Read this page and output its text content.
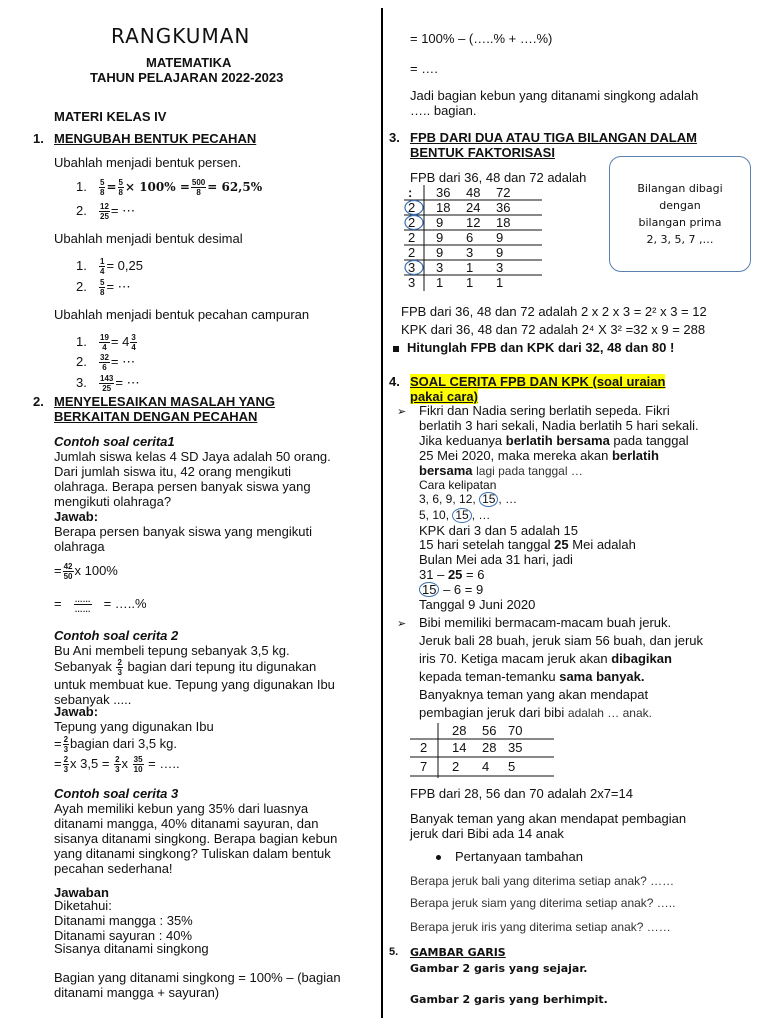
RANGKUMAN
MATEMATIKA
TAHUN PELAJARAN 2022-2023
MATERI KELAS IV
1. MENGUBAH BENTUK PECAHAN
Ubahlah menjadi bentuk persen.
1. $\frac{5}{8} = \frac{5}{8} \times 100\% = \frac{500}{8} = 62,5\%$
2. $\frac{12}{25}$ = ⋯
Ubahlah menjadi bentuk desimal
1. $\frac{1}{4} = 0,25$
2. $\frac{5}{8}$ = ⋯
Ubahlah menjadi bentuk pecahan campuran
1. $\frac{19}{4} = 4 \frac{3}{4}$
2. $\frac{32}{6}$ = ⋯
3. $\frac{143}{25}$ = ⋯
2. MENYELESAIKAN MASALAH YANG
BERKAITAN DENGAN PECAHAN
Contoh soal cerita1
Jumlah siswa kelas 4 SD Jaya adalah 50 orang.
Dari jumlah siswa itu, 42 orang mengikuti
olahraga. Berapa persen banyak siswa yang
mengikuti olahraga?
Jawab:
Berapa persen banyak siswa yang mengikuti
olahraga
= $\frac{42}{50}$ x 100%
= $\frac{\dots\dots}{\dots\dots}$ = …..%
Contoh soal cerita 2
Bu Ani membeli tepung sebanyak 3,5 kg.
Sebanyak $\frac{2}{3}$ bagian dari tepung itu digunakan
untuk membuat kue. Tepung yang digunakan Ibu
sebanyak .....
Jawab:
Tepung yang digunakan Ibu
= $\frac{2}{3}$ bagian dari 3,5 kg.
= $\frac{2}{3}$ x $3,5 = \frac{2}{3}$ x $\frac{35}{10}$ = …..
Contoh soal cerita 3
Ayah memiliki kebun yang 35% dari luasnya
ditanami mangga, 40% ditanami sayuran, dan
sisanya ditanami singkong. Berapa bagian kebun
yang ditanami singkong? Tuliskan dalam bentuk
pecahan sederhana!
Jawaban
Diketahui:
Ditanami mangga : 35%
Ditanami sayuran : 40%
Sisanya ditanami singkong
Bagian yang ditanami singkong = 100% – (bagian
ditanami mangga + sayuran)
= 100% – (…..% + ….%)
= ….
Jadi bagian kebun yang ditanami singkong adalah
….. bagian.
3. FPB DARI DUA ATAU TIGA BILANGAN DALAM
BENTUK FAKTORISASI
FPB dari 36, 48 dan 72 adalah
: 36 48 72
2 18 24 36
2 9 12 18
2 9 6 9
2 9 3 9
3 3 1 3
3 1 1 1
Bilangan dibagi
dengan
bilangan prima
2, 3, 5, 7 ,…
FPB dari 36, 48 dan 72 adalah 2 x 2 x 3 = 2² x 3 = 12
KPK dari 36, 48 dan 72 adalah 2⁴ X 3² =32 x 9 = 288
Hitunglah FPB dan KPK dari 32, 48 dan 80 !
4. SOAL CERITA FPB DAN KPK (soal uraian
pakai cara)
➢ Fikri dan Nadia sering berlatih sepeda. Fikri
berlatih 3 hari sekali, Nadia berlatih 5 hari sekali.
Jika keduanya berlatih bersama pada tanggal
25 Mei 2020, maka mereka akan berlatih
bersama lagi pada tanggal …
Cara kelipatan
3, 6, 9, 12, 15 , …
5, 10, 15 , …
KPK dari 3 dan 5 adalah 15
15 hari setelah tanggal 25 Mei adalah
Bulan Mei ada 31 hari, jadi
31 – 25 = 6
15 – 6 = 9
Tanggal 9 Juni 2020
➢ Bibi memiliki bermacam-macam buah jeruk.
Jeruk bali 28 buah, jeruk siam 56 buah, dan jeruk
iris 70. Ketiga macam jeruk akan dibagikan
kepada teman-temanku sama banyak.
Banyaknya teman yang akan mendapat
pembagian jeruk dari bibi adalah … anak.
28 56 70
2 14 28 35
7 2 4 5
FPB dari 28, 56 dan 70 adalah 2x7=14
Banyak teman yang akan mendapat pembagian
jeruk dari Bibi ada 14 anak
Pertanyaan tambahan
Berapa jeruk bali yang diterima setiap anak? ……
Berapa jeruk siam yang diterima setiap anak? …..
Berapa jeruk iris yang diterima setiap anak? ……
5. GAMBAR GARIS
Gambar 2 garis yang sejajar.
Gambar 2 garis yang berhimpit.
